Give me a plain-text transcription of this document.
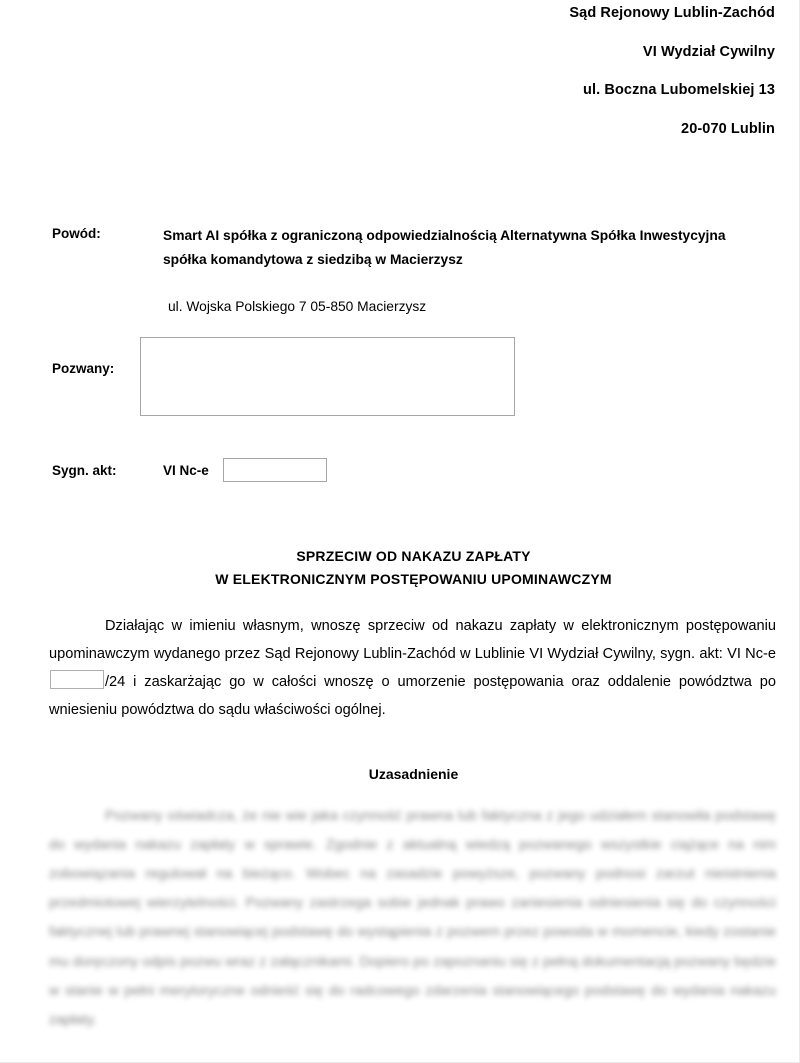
Sąd Rejonowy Lublin-Zachód

VI Wydział Cywilny

ul. Boczna Lubomelskiej 13

20-070 Lublin

Powód:	Smart AI spółka z ograniczoną odpowiedzialnością Alternatywna Spółka Inwestycyjna spółka komandytowa z siedzibą w Macierzysz

ul. Wojska Polskiego 7 05-850 Macierzysz

Pozwany:
Sygn. akt:	VI Nc-e

SPRZECIW OD NAKAZU ZAPŁATY

W ELEKTRONICZNYM POSTĘPOWANIU UPOMINAWCZYM

Działając w imieniu własnym, wnoszę sprzeciw od nakazu zapłaty w elektronicznym postępowaniu upominawczym wydanego przez Sąd Rejonowy Lublin-Zachód w Lublinie VI Wydział Cywilny, sygn. akt: VI Nc-e/24 i zaskarżając go w całości wnoszę o umorzenie postępowania oraz oddalenie powództwa po wniesieniu powództwa do sądu właściwości ogólnej.

Uzasadnienie

Pozwany oświadcza, że nie wie jaka czynność prawna lub faktyczna z jego udziałem stanowiła podstawę do wydania nakazu zapłaty w sprawie. Zgodnie z aktualną wiedzą pozwanego wszystkie ciążące na nim zobowiązania regulował na bieżąco. Wobec na zasadzie powyższe, pozwany podnosi zarzut nieistnienia przedmiotowej wierzytelności. Pozwany zastrzega sobie jednak prawo zaniesienia odniesienia się do czynności faktycznej lub prawnej stanowiącej podstawę do wystąpienia z pozwem przez powoda w momencie, kiedy zostanie mu doręczony odpis pozwu wraz z załącznikami. Dopiero po zapoznaniu się z pełną dokumentacją pozwany będzie w stanie w pełni merytoryczne odnieść się do radcowego zdarzenia stanowiącego podstawę do wydania nakazu zapłaty.
